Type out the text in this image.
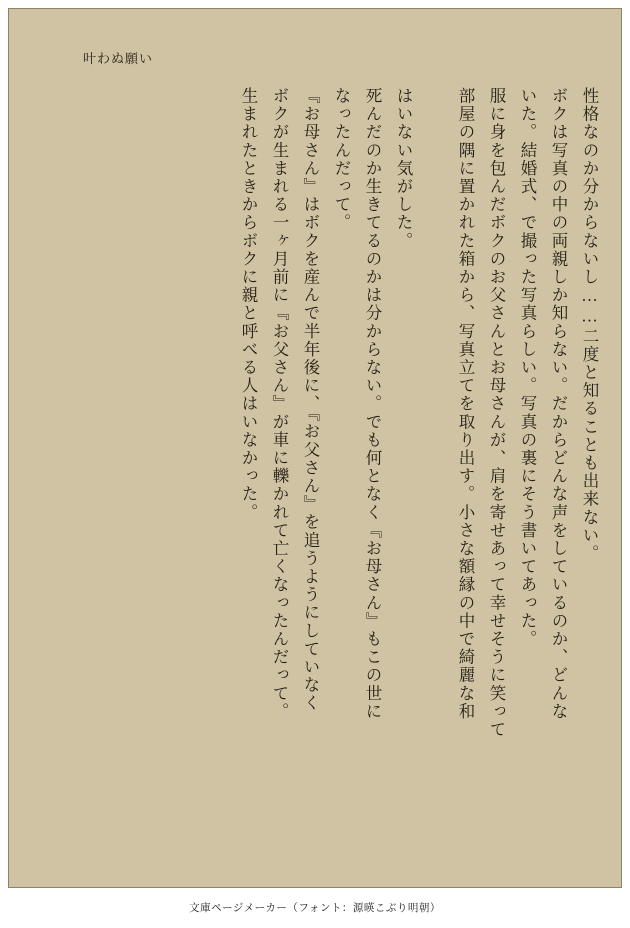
叶わぬ願い
生まれたときからボクに親と呼べる人はいなかった。 ボクが生まれる一ヶ月前に『お父さん』が車に轢かれて亡くなったんだって。 『お母さん』はボクを産んで半年後に、『お父さん』を追うようにしていなく なったんだって。 死んだのか生きてるのかは分からない。でも何となく『お母さん』もこの世に はいない気がした。	部屋の隅に置かれた箱から、写真立てを取り出す。小さな額縁の中で綺麗な和 服に身を包んだボクのお父さんとお母さんが、肩を寄せあって幸せそうに笑って いた。結婚式、で撮った写真らしい。写真の裏にそう書いてあった。 ボクは写真の中の両親しか知らない。だからどんな声をしているのか、どんな 性格なのか分からないし……二度と知ることも出来ない。
文庫ページメーカー（フォント：源暎こぶり明朝）
